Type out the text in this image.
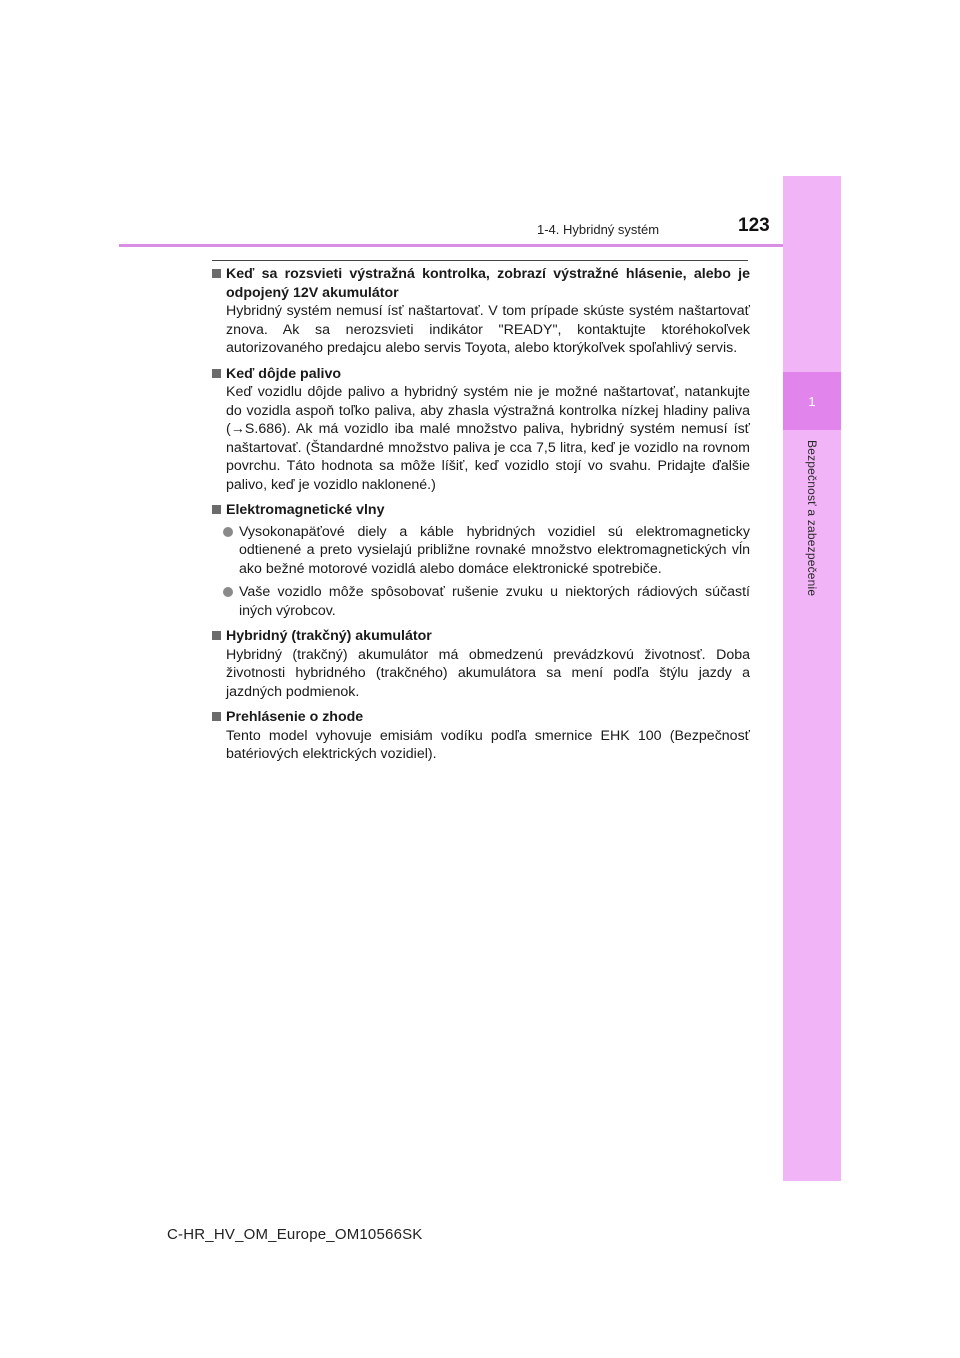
1
Bezpečnosť a zabezpečenie
1-4. Hybridný systém	123
Keď sa rozsvieti výstražná kontrolka, zobrazí výstražné hlásenie, alebo je odpojený 12V akumulátor
Hybridný systém nemusí ísť naštartovať. V tom prípade skúste systém naštartovať znova. Ak sa nerozsvieti indikátor "READY", kontaktujte ktoréhokoľvek autorizovaného predajcu alebo servis Toyota, alebo ktorýkoľvek spoľahlivý servis.
Keď dôjde palivo
Keď vozidlu dôjde palivo a hybridný systém nie je možné naštartovať, natankujte do vozidla aspoň toľko paliva, aby zhasla výstražná kontrolka nízkej hladiny paliva (→S.686). Ak má vozidlo iba malé množstvo paliva, hybridný systém nemusí ísť naštartovať. (Štandardné množstvo paliva je cca 7,5 litra, keď je vozidlo na rovnom povrchu. Táto hodnota sa môže líšiť, keď vozidlo stojí vo svahu. Pridajte ďalšie palivo, keď je vozidlo naklonené.)
Elektromagnetické vlny
Vysokonapäťové diely a káble hybridných vozidiel sú elektromagneticky odtienené a preto vysielajú približne rovnaké množstvo elektromagnetických vĺn ako bežné motorové vozidlá alebo domáce elektronické spotrebiče.
Vaše vozidlo môže spôsobovať rušenie zvuku u niektorých rádiových súčastí iných výrobcov.
Hybridný (trakčný) akumulátor
Hybridný (trakčný) akumulátor má obmedzenú prevádzkovú životnosť. Doba životnosti hybridného (trakčného) akumulátora sa mení podľa štýlu jazdy a jazdných podmienok.
Prehlásenie o zhode
Tento model vyhovuje emisiám vodíku podľa smernice EHK 100 (Bezpečnosť batériových elektrických vozidiel).
C-HR_HV_OM_Europe_OM10566SK
